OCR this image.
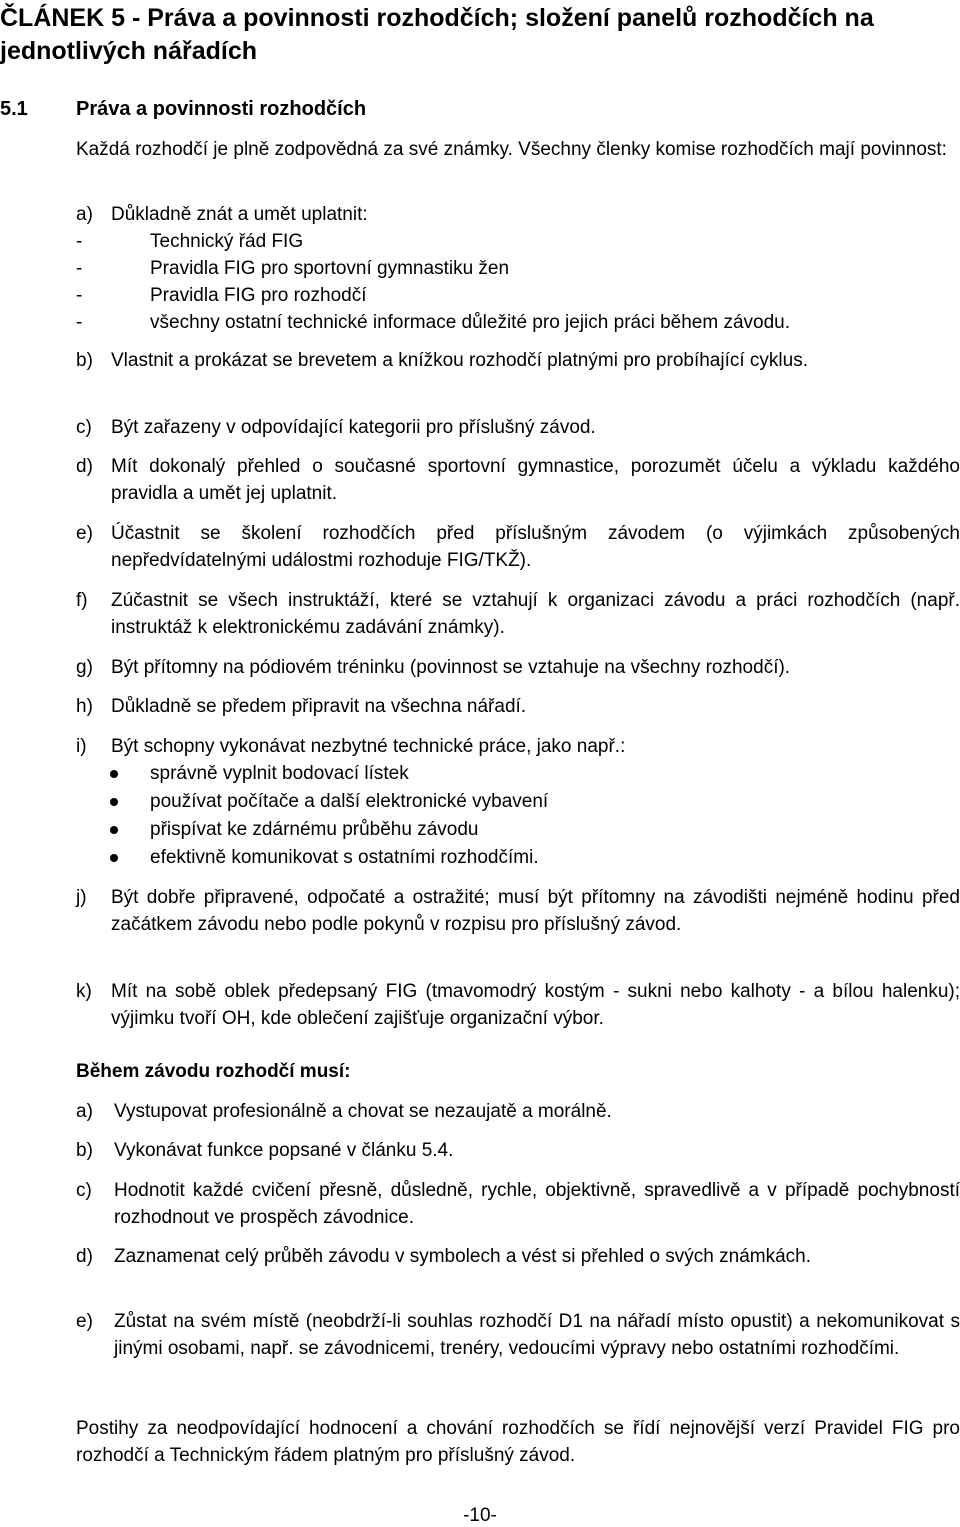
ČLÁNEK 5 - Práva a povinnosti rozhodčích; složení panelů rozhodčích na jednotlivých nářadích
5.1 Práva a povinnosti rozhodčích
Každá rozhodčí je plně zodpovědná za své známky. Všechny členky komise rozhodčích mají povinnost:
a) Důkladně znát a umět uplatnit:
-	Technický řád FIG
-	Pravidla FIG pro sportovní gymnastiku žen
-	Pravidla FIG pro rozhodčí
-	všechny ostatní technické informace důležité pro jejich práci během závodu.
b) Vlastnit a prokázat se brevetem a knížkou rozhodčí platnými pro probíhající cyklus.
c) Být zařazeny v odpovídající kategorii pro příslušný závod.
d) Mít dokonalý přehled o současné sportovní gymnastice, porozumět účelu a výkladu každého pravidla a umět jej uplatnit.
e) Účastnit se školení rozhodčích před příslušným závodem (o výjimkách způsobených nepředvídatelnými událostmi rozhoduje FIG/TKŽ).
f) Zúčastnit se všech instruktáží, které se vztahují k organizaci závodu a práci rozhodčích (např. instruktáž k elektronickému zadávání známky).
g) Být přítomny na pódiovém tréninku (povinnost se vztahuje na všechny rozhodčí).
h) Důkladně se předem připravit na všechna nářadí.
i) Být schopny vykonávat nezbytné technické práce, jako např.:
správně vyplnit bodovací lístek
používat počítače a další elektronické vybavení
přispívat ke zdárnému průběhu závodu
efektivně komunikovat s ostatními rozhodčími.
j) Být dobře připravené, odpočaté a ostražité; musí být přítomny na závodišti nejméně hodinu před začátkem závodu nebo podle pokynů v rozpisu pro příslušný závod.
k) Mít na sobě oblek předepsaný FIG (tmavomodrý kostým - sukni nebo kalhoty - a bílou halenku); výjimku tvoří OH, kde oblečení zajišťuje organizační výbor.
Během závodu rozhodčí musí:
a) Vystupovat profesionálně a chovat se nezaujatě a morálně.
b) Vykonávat funkce popsané v článku 5.4.
c) Hodnotit každé cvičení přesně, důsledně, rychle, objektivně, spravedlivě a v případě pochybností rozhodnout ve prospěch závodnice.
d) Zaznamenat celý průběh závodu v symbolech a vést si přehled o svých známkách.
e) Zůstat na svém místě (neobdrží-li souhlas rozhodčí D1 na nářadí místo opustit) a nekomunikovat s jinými osobami, např. se závodnicemi, trenéry, vedoucími výpravy nebo ostatními rozhodčími.
Postihy za neodpovídající hodnocení a chování rozhodčích se řídí nejnovější verzí Pravidel FIG pro rozhodčí a Technickým řádem platným pro příslušný závod.
-10-
